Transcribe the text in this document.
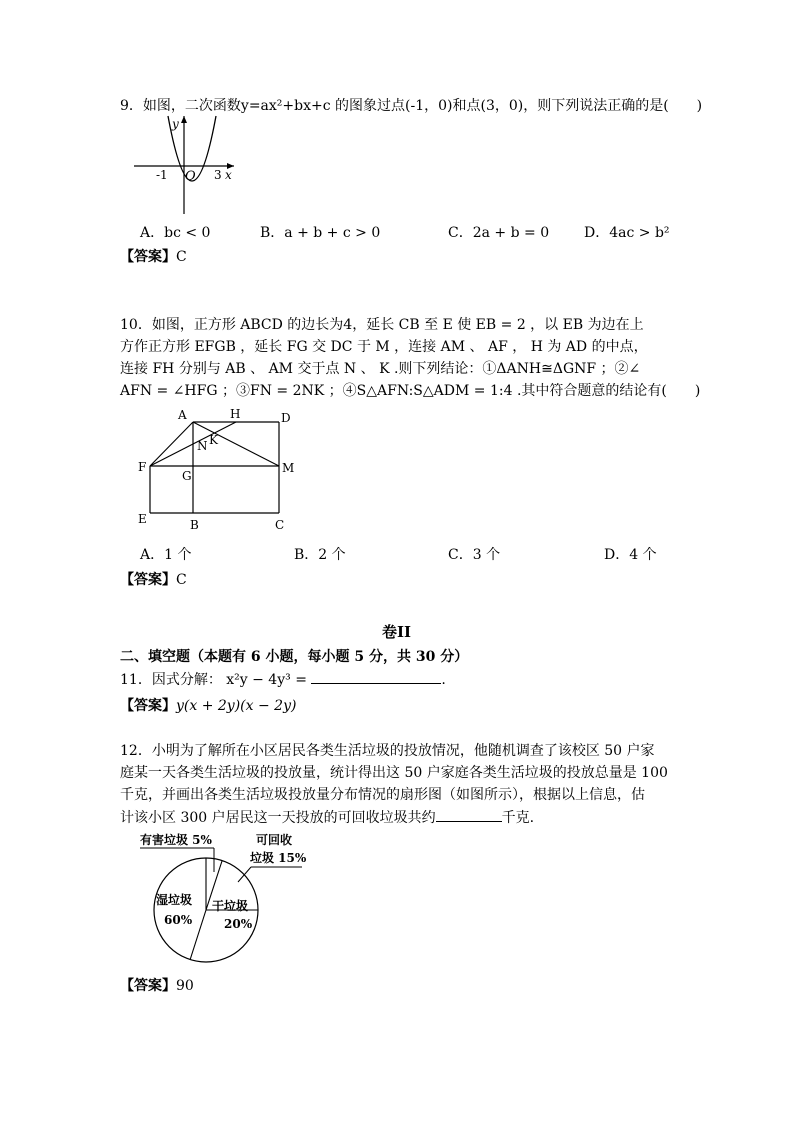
9．如图，二次函数y=ax²+bx+c 的图象过点(-1，0)和点(3，0)，则下列说法正确的是(　　)
y
x
-1 O 3
A．bc < 0	B．a + b + c > 0	C．2a + b = 0 D．4ac > b²
【答案】C
10．如图，正方形 ABCD 的边长为4，延长 CB 至 E 使 EB = 2 ，以 EB 为边在上
方作正方形 EFGB ，延长 FG 交 DC 于 M ，连接 AM 、 AF ， H 为 AD 的中点，
连接 FH 分别与 AB 、 AM 交于点 N 、 K .则下列结论：①ΔANH≅ΔGNF ；②∠
AFN = ∠HFG ；③FN = 2NK ；④S△AFN:S△ADM = 1:4 .其中符合题意的结论有(　　)
A	H	D
N K
F
G
M
E	B	C
A．1 个	B．2 个	C．3 个	D．4 个
【答案】C
卷II
二、填空题（本题有 6 小题，每小题 5 分，共 30 分）
11．因式分解： x²y − 4y³ =	.
【答案】y(x + 2y)(x − 2y)
12．小明为了解所在小区居民各类生活垃圾的投放情况，他随机调查了该校区 50 户家
庭某一天各类生活垃圾的投放量，统计得出这 50 户家庭各类生活垃圾的投放总量是 100
千克，并画出各类生活垃圾投放量分布情况的扇形图（如图所示），根据以上信息，估
计该小区 300 户居民这一天投放的可回收垃圾共约	千克.
有害垃圾 5%	可回收
垃圾 15%
湿垃圾
60%
干垃圾
20%
【答案】90
